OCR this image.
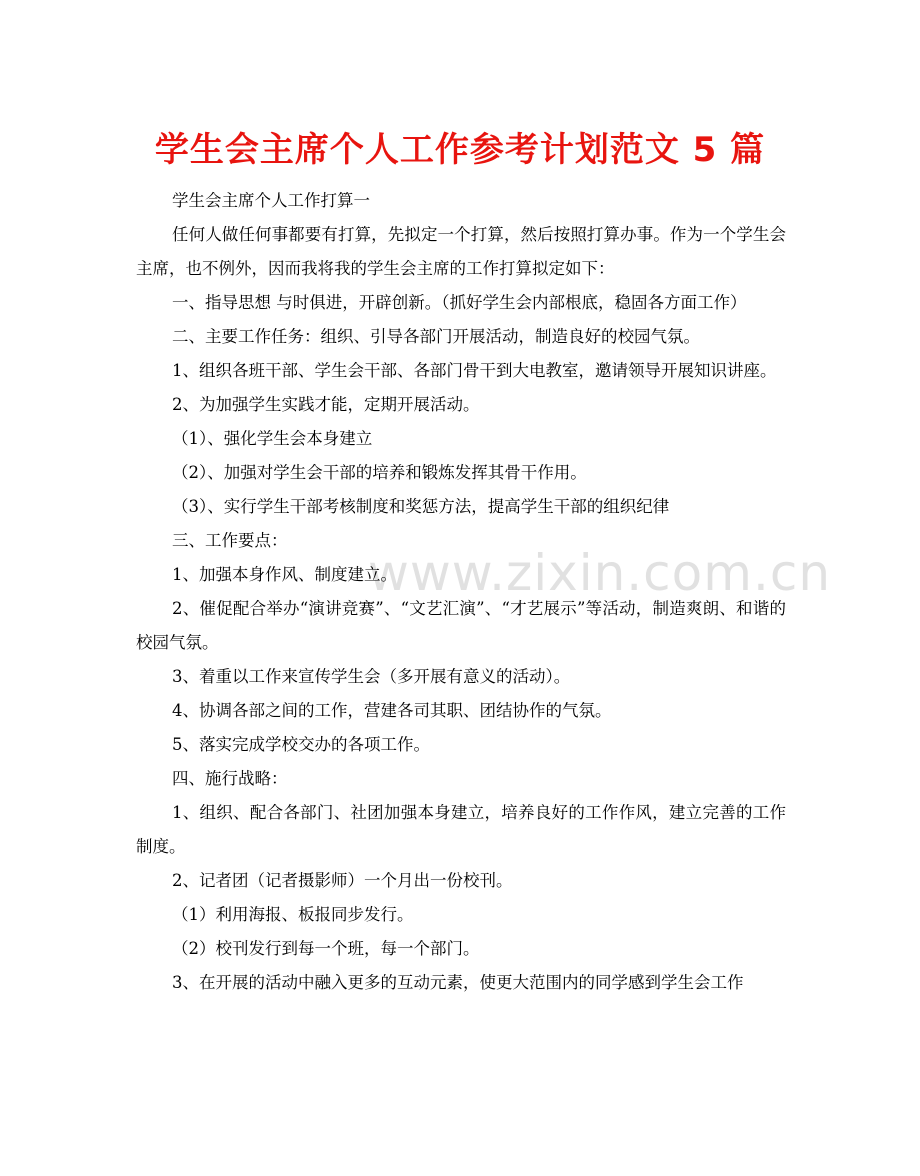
学生会主席个人工作参考计划范文 5 篇
www.zixin.com.cn

学生会主席个人工作打算一

任何人做任何事都要有打算，先拟定一个打算，然后按照打算办事。作为一个学生会主席，也不例外，因而我将我的学生会主席的工作打算拟定如下：

一、指导思想 与时俱进，开辟创新。（抓好学生会内部根底，稳固各方面工作）

二、主要工作任务：组织、引导各部门开展活动，制造良好的校园气氛。

1、组织各班干部、学生会干部、各部门骨干到大电教室，邀请领导开展知识讲座。

2、为加强学生实践才能，定期开展活动。

（1）、强化学生会本身建立

（2）、加强对学生会干部的培养和锻炼发挥其骨干作用。

（3）、实行学生干部考核制度和奖惩方法，提高学生干部的组织纪律

三、工作要点：

1、加强本身作风、制度建立。

2、催促配合举办“演讲竞赛”、“文艺汇演”、“才艺展示”等活动，制造爽朗、和谐的校园气氛。

3、着重以工作来宣传学生会（多开展有意义的活动）。

4、协调各部之间的工作，营建各司其职、团结协作的气氛。

5、落实完成学校交办的各项工作。

四、施行战略：

1、组织、配合各部门、社团加强本身建立，培养良好的工作作风，建立完善的工作制度。

2、记者团（记者摄影师）一个月出一份校刊。

（1）利用海报、板报同步发行。

（2）校刊发行到每一个班，每一个部门。

3、在开展的活动中融入更多的互动元素，使更大范围内的同学感到学生会工作
